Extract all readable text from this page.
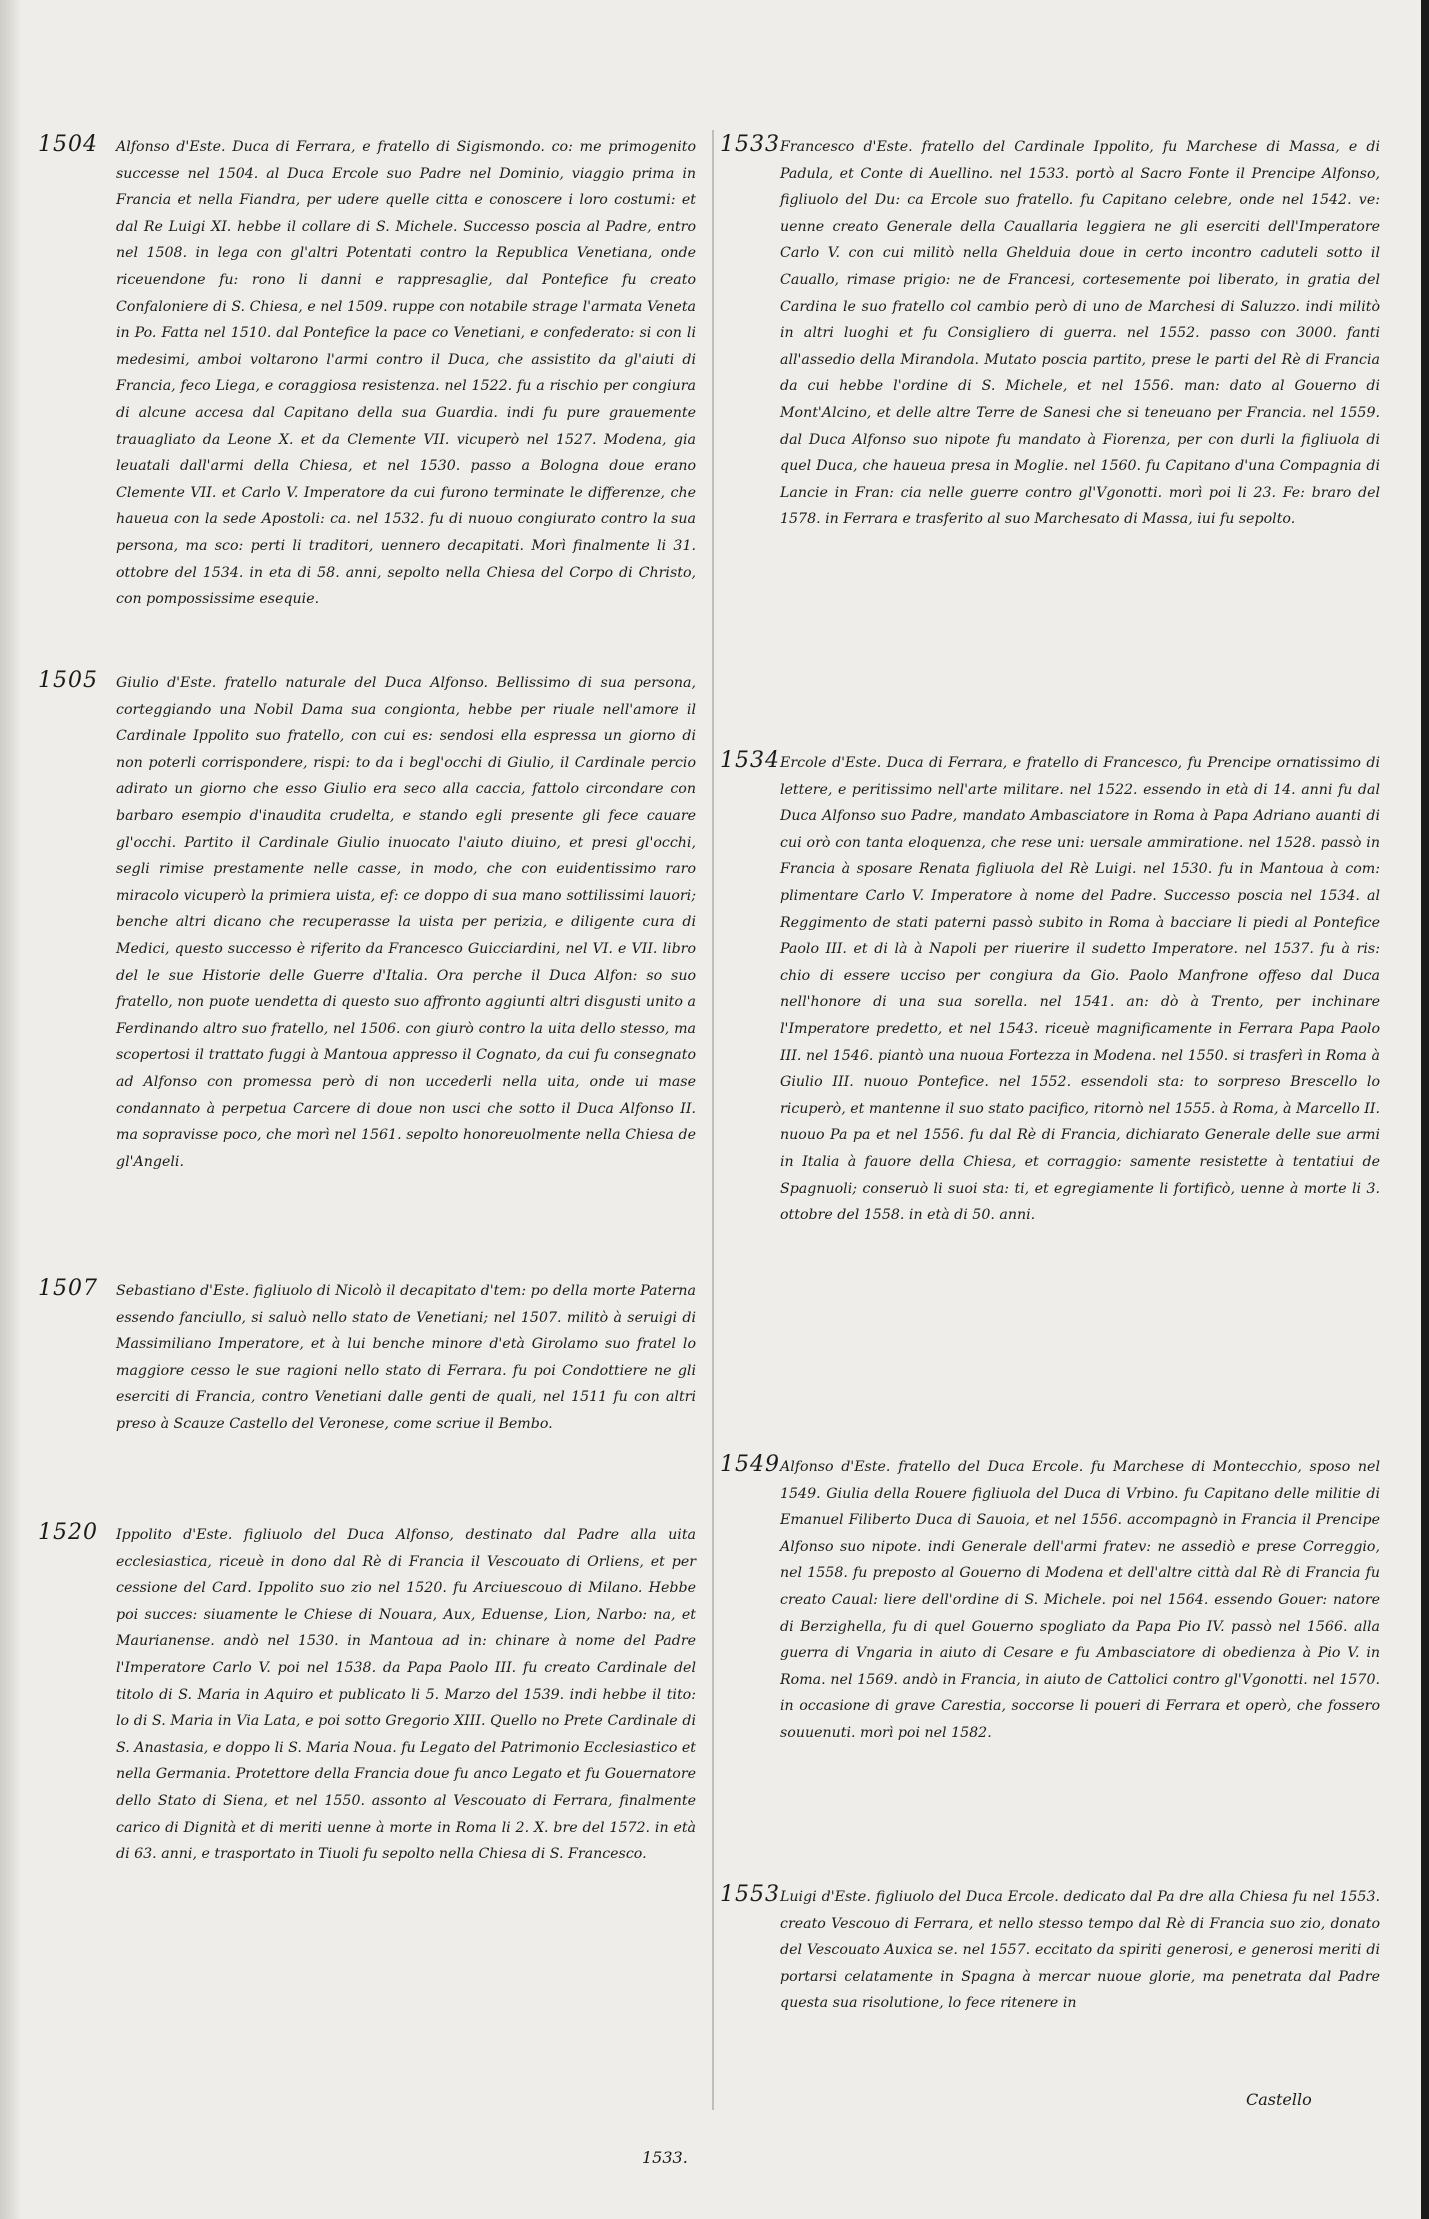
1504 Alfonso d'Este. Duca di Ferrara, e fratello di Sigismondo. co: me primogenito successe nel 1504. al Duca Ercole suo Padre nel Dominio, viaggio prima in Francia et nella Fiandra, per udere quelle citta e conoscere i loro costumi: et dal Re Luigi XI. hebbe il collare di S. Michele. Successo poscia al Padre, entro nel 1508. in lega con gl'altri Potentati contro la Republica Venetiana, onde riceuendone fu: rono li danni e rappresaglie, dal Pontefice fu creato Confaloniere di S. Chiesa, e nel 1509. ruppe con notabile strage l'armata Veneta in Po. Fatta nel 1510. dal Pontefice la pace co Venetiani, e confederato: si con li medesimi, amboi voltarono l'armi contro il Duca, che assistito da gl'aiuti di Francia, feco Liega, e coraggiosa resistenza. nel 1522. fu a rischio per congiura di alcune accesa dal Capitano della sua Guardia. indi fu pure grauemente trauagliato da Leone X. et da Clemente VII. vicuperò nel 1527. Modena, gia leuatali dall'armi della Chiesa, et nel 1530. passo a Bologna doue erano Clemente VII. et Carlo V. Imperatore da cui furono terminate le differenze, che haueua con la sede Apostoli: ca. nel 1532. fu di nuouo congiurato contro la sua persona, ma sco: perti li traditori, uennero decapitati. Morì finalmente li 31. ottobre del 1534. in eta di 58. anni, sepolto nella Chiesa del Corpo di Christo, con pompossissime esequie.
1505 Giulio d'Este. fratello naturale del Duca Alfonso. Bellissimo di sua persona, corteggiando una Nobil Dama sua congionta, hebbe per riuale nell'amore il Cardinale Ippolito suo fratello, con cui es: sendosi ella espressa un giorno di non poterli corrispondere, rispi: to da i begl'occhi di Giulio, il Cardinale percio adirato un giorno che esso Giulio era seco alla caccia, fattolo circondare con barbaro esempio d'inaudita crudelta, e stando egli presente gli fece cauare gl'occhi. Partito il Cardinale Giulio inuocato l'aiuto diuino, et presi gl'occhi, segli rimise prestamente nelle casse, in modo, che con euidentissimo raro miracolo vicuperò la primiera uista, ef: ce doppo di sua mano sottilissimi lauori; benche altri dicano che recuperasse la uista per perizia, e diligente cura di Medici, questo successo è riferito da Francesco Guicciardini, nel VI. e VII. libro del le sue Historie delle Guerre d'Italia. Ora perche il Duca Alfon: so suo fratello, non puote uendetta di questo suo affronto aggiunti altri disgusti unito a Ferdinando altro suo fratello, nel 1506. con giurò contro la uita dello stesso, ma scopertosi il trattato fuggi à Mantoua appresso il Cognato, da cui fu consegnato ad Alfonso con promessa però di non uccederli nella uita, onde ui mase condannato à perpetua Carcere di doue non usci che sotto il Duca Alfonso II. ma sopravisse poco, che morì nel 1561. sepolto honoreuolmente nella Chiesa de gl'Angeli.
1507 Sebastiano d'Este. figliuolo di Nicolò il decapitato d'tem: po della morte Paterna essendo fanciullo, si saluò nello stato de Venetiani; nel 1507. militò à seruigi di Massimiliano Imperatore, et à lui benche minore d'età Girolamo suo fratel lo maggiore cesso le sue ragioni nello stato di Ferrara. fu poi Condottiere ne gli eserciti di Francia, contro Venetiani dalle genti de quali, nel 1511 fu con altri preso à Scauze Castello del Veronese, come scriue il Bembo.
1520 Ippolito d'Este. figliuolo del Duca Alfonso, destinato dal Padre alla uita ecclesiastica, riceuè in dono dal Rè di Francia il Vescouato di Orliens, et per cessione del Card. Ippolito suo zio nel 1520. fu Arciuescouo di Milano. Hebbe poi succes: siuamente le Chiese di Nouara, Aux, Eduense, Lion, Narbo: na, et Maurianense. andò nel 1530. in Mantoua ad in: chinare à nome del Padre l'Imperatore Carlo V. poi nel 1538. da Papa Paolo III. fu creato Cardinale del titolo di S. Maria in Aquiro et publicato li 5. Marzo del 1539. indi hebbe il tito: lo di S. Maria in Via Lata, e poi sotto Gregorio XIII. Quello no Prete Cardinale di S. Anastasia, e doppo li S. Maria Noua. fu Legato del Patrimonio Ecclesiastico et nella Germania. Protettore della Francia doue fu anco Legato et fu Gouernatore dello Stato di Siena, et nel 1550. assonto al Vescouato di Ferrara, finalmente carico di Dignità et di meriti uenne à morte in Roma li 2. X. bre del 1572. in età di 63. anni, e trasportato in Tiuoli fu sepolto nella Chiesa di S. Francesco.
1533 Francesco d'Este. fratello del Cardinale Ippolito, fu Marchese di Massa, e di Padula, et Conte di Auellino. nel 1533. portò al Sacro Fonte il Prencipe Alfonso, figliuolo del Du: ca Ercole suo fratello. fu Capitano celebre, onde nel 1542. ve: uenne creato Generale della Cauallaria leggiera ne gli eserciti dell'Imperatore Carlo V. con cui militò nella Ghelduia doue in certo incontro caduteli sotto il Cauallo, rimase prigio: ne de Francesi, cortesemente poi liberato, in gratia del Cardina le suo fratello col cambio però di uno de Marchesi di Saluzzo. indi militò in altri luoghi et fu Consigliero di guerra. nel 1552. passo con 3000. fanti all'assedio della Mirandola. Mutato poscia partito, prese le parti del Rè di Francia da cui hebbe l'ordine di S. Michele, et nel 1556. man: dato al Gouerno di Mont'Alcino, et delle altre Terre de Sanesi che si teneuano per Francia. nel 1559. dal Duca Alfonso suo nipote fu mandato à Fiorenza, per con durli la figliuola di quel Duca, che haueua presa in Moglie. nel 1560. fu Capitano d'una Compagnia di Lancie in Fran: cia nelle guerre contro gl'Vgonotti. morì poi li 23. Fe: braro del 1578. in Ferrara e trasferito al suo Marchesato di Massa, iui fu sepolto.
1534 Ercole d'Este. Duca di Ferrara, e fratello di Francesco, fu Prencipe ornatissimo di lettere, e peritissimo nell'arte militare. nel 1522. essendo in età di 14. anni fu dal Duca Alfonso suo Padre, mandato Ambasciatore in Roma à Papa Adriano auanti di cui orò con tanta eloquenza, che rese uni: uersale ammiratione. nel 1528. passò in Francia à sposare Renata figliuola del Rè Luigi. nel 1530. fu in Mantoua à com: plimentare Carlo V. Imperatore à nome del Padre. Successo poscia nel 1534. al Reggimento de stati paterni passò subito in Roma à bacciare li piedi al Pontefice Paolo III. et di là à Napoli per riuerire il sudetto Imperatore. nel 1537. fu à ris: chio di essere ucciso per congiura da Gio. Paolo Manfrone offeso dal Duca nell'honore di una sua sorella. nel 1541. an: dò à Trento, per inchinare l'Imperatore predetto, et nel 1543. riceuè magnificamente in Ferrara Papa Paolo III. nel 1546. piantò una nuoua Fortezza in Modena. nel 1550. si trasferì in Roma à Giulio III. nuouo Pontefice. nel 1552. essendoli sta: to sorpreso Brescello lo ricuperò, et mantenne il suo stato pacifico, ritornò nel 1555. à Roma, à Marcello II. nuouo Pa pa et nel 1556. fu dal Rè di Francia, dichiarato Generale delle sue armi in Italia à fauore della Chiesa, et corraggio: samente resistette à tentatiui de Spagnuoli; conseruò li suoi sta: ti, et egregiamente li fortificò, uenne à morte li 3. ottobre del 1558. in età di 50. anni.
1549 Alfonso d'Este. fratello del Duca Ercole. fu Marchese di Montecchio, sposo nel 1549. Giulia della Rouere figliuola del Duca di Vrbino. fu Capitano delle militie di Emanuel Filiberto Duca di Sauoia, et nel 1556. accompagnò in Francia il Prencipe Alfonso suo nipote. indi Generale dell'armi fratev: ne assediò e prese Correggio, nel 1558. fu preposto al Gouerno di Modena et dell'altre città dal Rè di Francia fu creato Caual: liere dell'ordine di S. Michele. poi nel 1564. essendo Gouer: natore di Berzighella, fu di quel Gouerno spogliato da Papa Pio IV. passò nel 1566. alla guerra di Vngaria in aiuto di Cesare e fu Ambasciatore di obedienza à Pio V. in Roma. nel 1569. andò in Francia, in aiuto de Cattolici contro gl'Vgonotti. nel 1570. in occasione di grave Carestia, soccorse li poueri di Ferrara et operò, che fossero souuenuti. morì poi nel 1582.
1553 Luigi d'Este. figliuolo del Duca Ercole. dedicato dal Pa dre alla Chiesa fu nel 1553. creato Vescouo di Ferrara, et nello stesso tempo dal Rè di Francia suo zio, donato del Vescouato Auxica se. nel 1557. eccitato da spiriti generosi, e generosi meriti di portarsi celatamente in Spagna à mercar nuoue glorie, ma penetrata dal Padre questa sua risolutione, lo fece ritenere in
1533.
Castello
